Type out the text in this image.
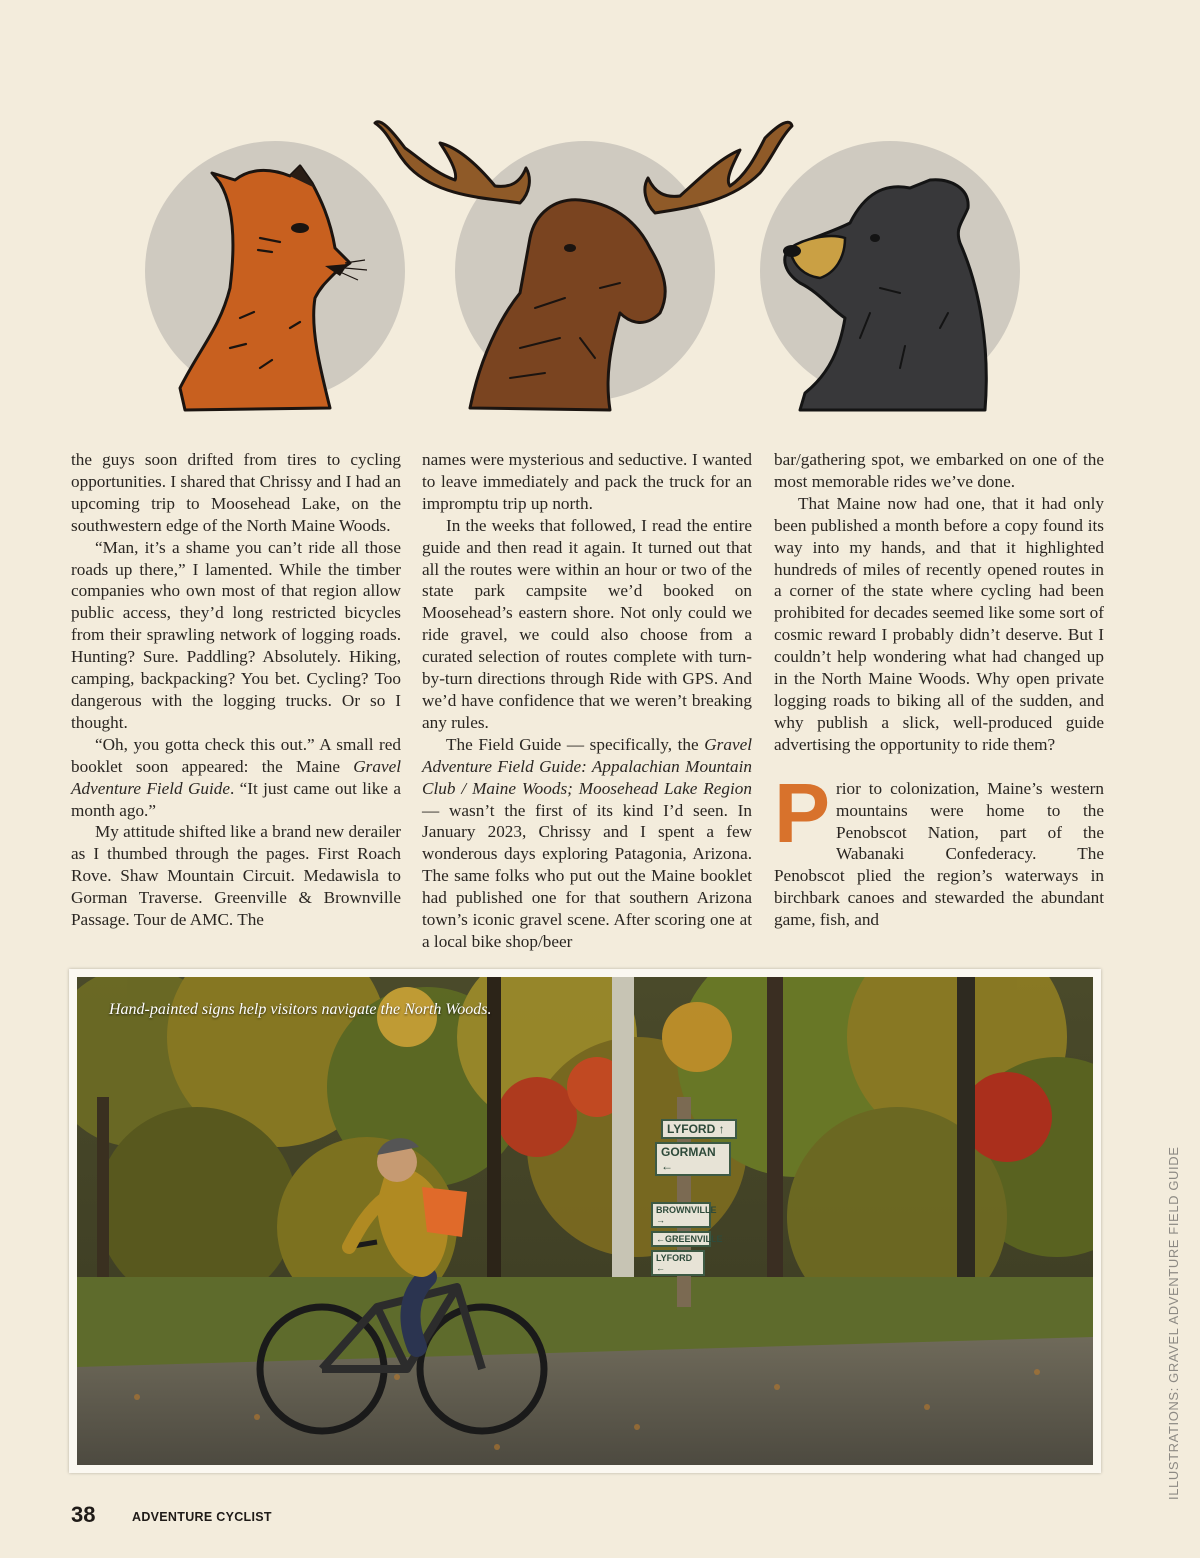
the guys soon drifted from tires to cycling opportunities. I shared that Chrissy and I had an upcoming trip to Moosehead Lake, on the southwestern edge of the North Maine Woods.

“Man, it’s a shame you can’t ride all those roads up there,” I lamented. While the timber companies who own most of that region allow public access, they’d long restricted bicycles from their sprawling network of logging roads. Hunting? Sure. Paddling? Absolutely. Hiking, camping, backpacking? You bet. Cycling? Too dangerous with the logging trucks. Or so I thought.

“Oh, you gotta check this out.” A small red booklet soon appeared: the Maine Gravel Adventure Field Guide. “It just came out like a month ago.”

My attitude shifted like a brand new derailer as I thumbed through the pages. First Roach Rove. Shaw Mountain Circuit. Medawisla to Gorman Traverse. Greenville & Brownville Passage. Tour de AMC. The

names were mysterious and seductive. I wanted to leave immediately and pack the truck for an impromptu trip up north.

In the weeks that followed, I read the entire guide and then read it again. It turned out that all the routes were within an hour or two of the state park campsite we’d booked on Moosehead’s eastern shore. Not only could we ride gravel, we could also choose from a curated selection of routes complete with turn-by-turn directions through Ride with GPS. And we’d have confidence that we weren’t breaking any rules.

The Field Guide — specifically, the Gravel Adventure Field Guide: Appalachian Mountain Club / Maine Woods; Moosehead Lake Region — wasn’t the first of its kind I’d seen. In January 2023, Chrissy and I spent a few wonderous days exploring Patagonia, Arizona. The same folks who put out the Maine booklet had published one for that southern Arizona town’s iconic gravel scene. After scoring one at a local bike shop/beer

bar/gathering spot, we embarked on one of the most memorable rides we’ve done.

That Maine now had one, that it had only been published a month before a copy found its way into my hands, and that it highlighted hundreds of miles of recently opened routes in a corner of the state where cycling had been prohibited for decades seemed like some sort of cosmic reward I probably didn’t deserve. But I couldn’t help wondering what had changed up in the North Maine Woods. Why open private logging roads to biking all of the sudden, and why publish a slick, well-produced guide advertising the opportunity to ride them?

Prior to colonization, Maine’s western mountains were home to the Penobscot Nation, part of the Wabanaki Confederacy. The Penobscot plied the region’s waterways in birchbark canoes and stewarded the abundant game, fish, and

Hand-painted signs help visitors navigate the North Woods.
LYFORD ↑
GORMAN ←
BROWNVILLE →
←GREENVILLE
LYFORD ←
38	ADVENTURE CYCLIST
ILLUSTRATIONS: GRAVEL ADVENTURE FIELD GUIDE
